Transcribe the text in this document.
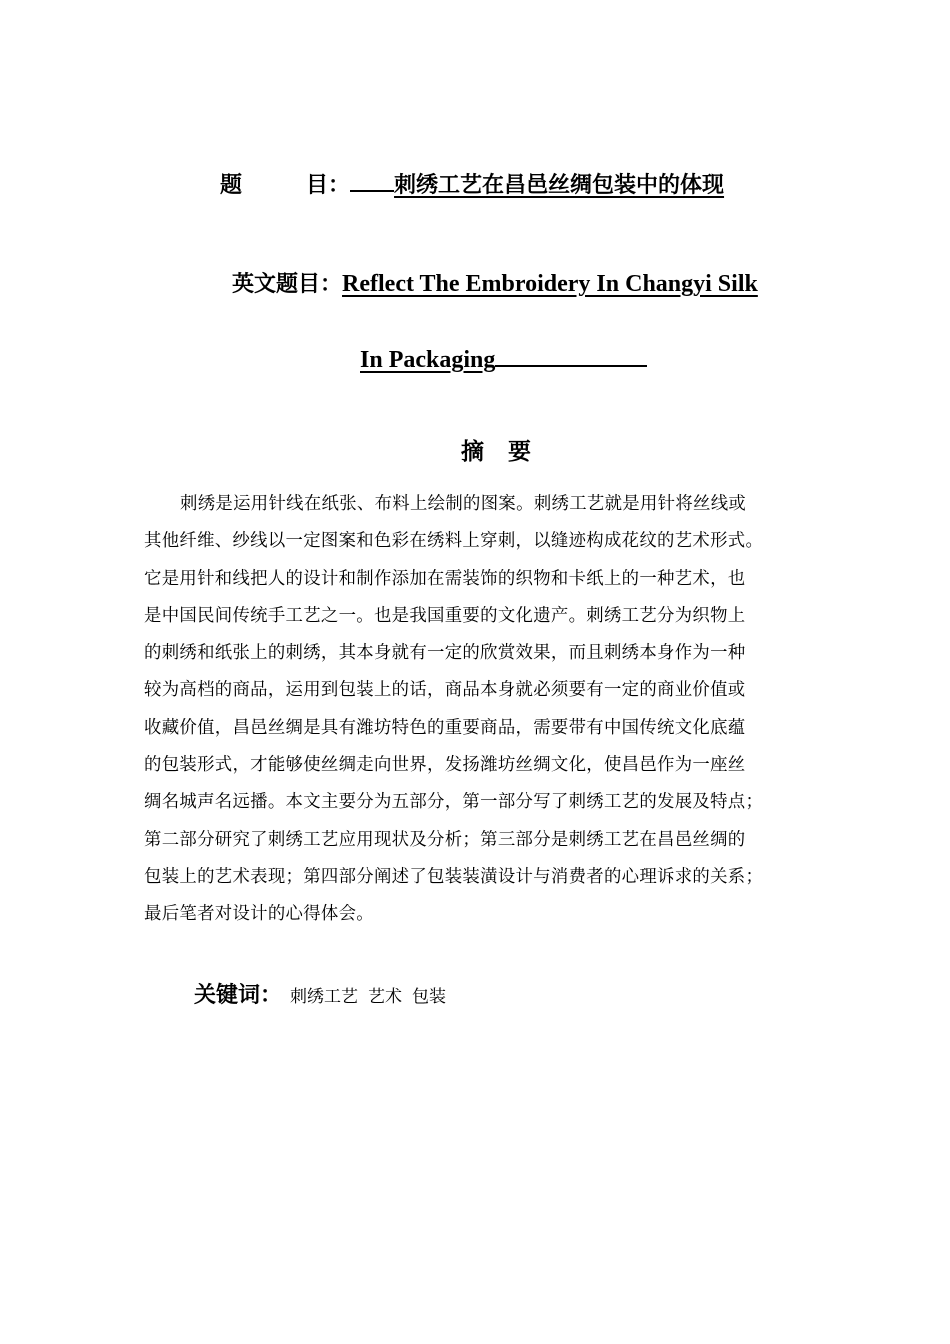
题	目： 刺绣工艺在昌邑丝绸包装中的体现
英文题目：Reflect The Embroidery In Changyi Silk
In Packaging
摘要
刺绣是运用针线在纸张、布料上绘制的图案。刺绣工艺就是用针将丝线或
其他纤维、纱线以一定图案和色彩在绣料上穿刺，以缝迹构成花纹的艺术形式。
它是用针和线把人的设计和制作添加在需装饰的织物和卡纸上的一种艺术，也
是中国民间传统手工艺之一。也是我国重要的文化遗产。刺绣工艺分为织物上
的刺绣和纸张上的刺绣，其本身就有一定的欣赏效果，而且刺绣本身作为一种
较为高档的商品，运用到包装上的话，商品本身就必须要有一定的商业价值或
收藏价值，昌邑丝绸是具有潍坊特色的重要商品，需要带有中国传统文化底蕴
的包装形式，才能够使丝绸走向世界，发扬潍坊丝绸文化，使昌邑作为一座丝
绸名城声名远播。本文主要分为五部分，第一部分写了刺绣工艺的发展及特点；
第二部分研究了刺绣工艺应用现状及分析；第三部分是刺绣工艺在昌邑丝绸的
包装上的艺术表现；第四部分阐述了包装装潢设计与消费者的心理诉求的关系；
最后笔者对设计的心得体会。
关键词： 刺绣工艺 艺术 包装
